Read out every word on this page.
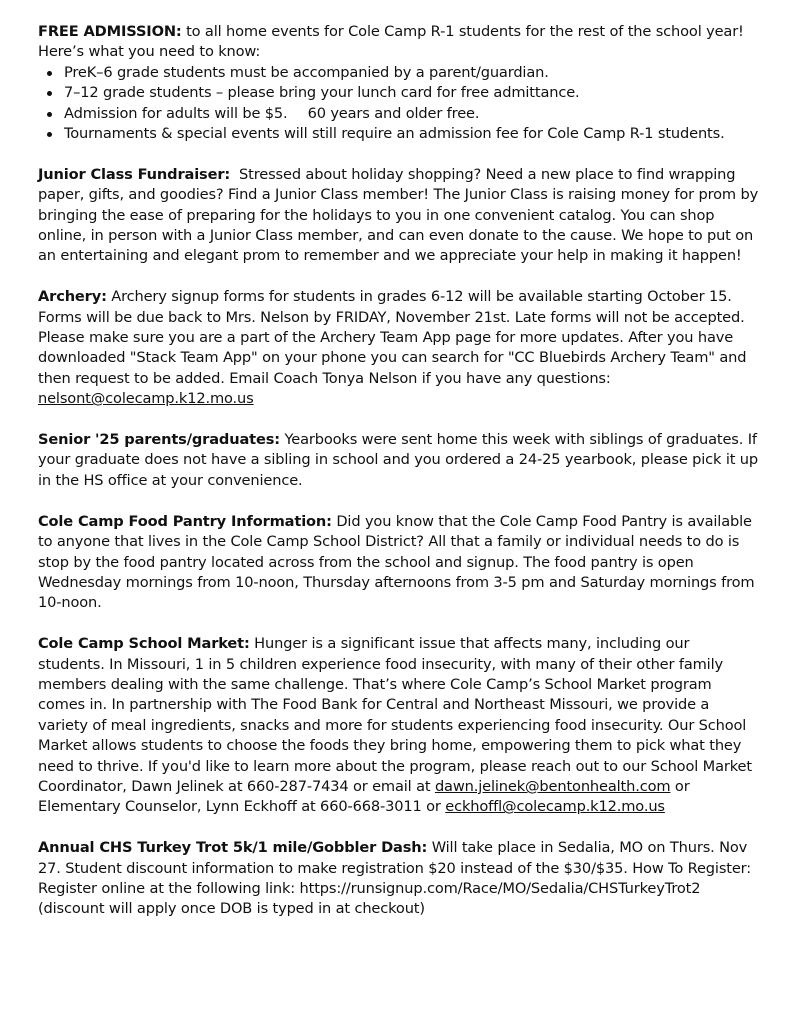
FREE ADMISSION: to all home events for Cole Camp R-1 students for the rest of the school year!
Here’s what you need to know:
PreK–6 grade students must be accompanied by a parent/guardian.
7–12 grade students – please bring your lunch card for free admittance.
Admission for adults will be $5. 60 years and older free.
Tournaments & special events will still require an admission fee for Cole Camp R-1 students.
Junior Class Fundraiser:  Stressed about holiday shopping? Need a new place to find wrapping paper, gifts, and goodies? Find a Junior Class member! The Junior Class is raising money for prom by bringing the ease of preparing for the holidays to you in one convenient catalog. You can shop online, in person with a Junior Class member, and can even donate to the cause. We hope to put on an entertaining and elegant prom to remember and we appreciate your help in making it happen!
Archery: Archery signup forms for students in grades 6-12 will be available starting October 15. Forms will be due back to Mrs. Nelson by FRIDAY, November 21st. Late forms will not be accepted. Please make sure you are a part of the Archery Team App page for more updates. After you have downloaded "Stack Team App" on your phone you can search for "CC Bluebirds Archery Team" and then request to be added. Email Coach Tonya Nelson if you have any questions: nelsont@colecamp.k12.mo.us
Senior '25 parents/graduates: Yearbooks were sent home this week with siblings of graduates. If your graduate does not have a sibling in school and you ordered a 24-25 yearbook, please pick it up in the HS office at your convenience.
Cole Camp Food Pantry Information: Did you know that the Cole Camp Food Pantry is available to anyone that lives in the Cole Camp School District? All that a family or individual needs to do is stop by the food pantry located across from the school and signup. The food pantry is open Wednesday mornings from 10-noon, Thursday afternoons from 3-5 pm and Saturday mornings from 10-noon.
Cole Camp School Market: Hunger is a significant issue that affects many, including our students. In Missouri, 1 in 5 children experience food insecurity, with many of their other family members dealing with the same challenge. That’s where Cole Camp’s School Market program comes in. In partnership with The Food Bank for Central and Northeast Missouri, we provide a variety of meal ingredients, snacks and more for students experiencing food insecurity. Our School Market allows students to choose the foods they bring home, empowering them to pick what they need to thrive. If you'd like to learn more about the program, please reach out to our School Market Coordinator, Dawn Jelinek at 660-287-7434 or email at dawn.jelinek@bentonhealth.com or Elementary Counselor, Lynn Eckhoff at 660-668-3011 or eckhoffl@colecamp.k12.mo.us
Annual CHS Turkey Trot 5k/1 mile/Gobbler Dash: Will take place in Sedalia, MO on Thurs. Nov 27. Student discount information to make registration $20 instead of the $30/$35. How To Register: Register online at the following link: https://runsignup.com/Race/MO/Sedalia/CHSTurkeyTrot2 (discount will apply once DOB is typed in at checkout)
